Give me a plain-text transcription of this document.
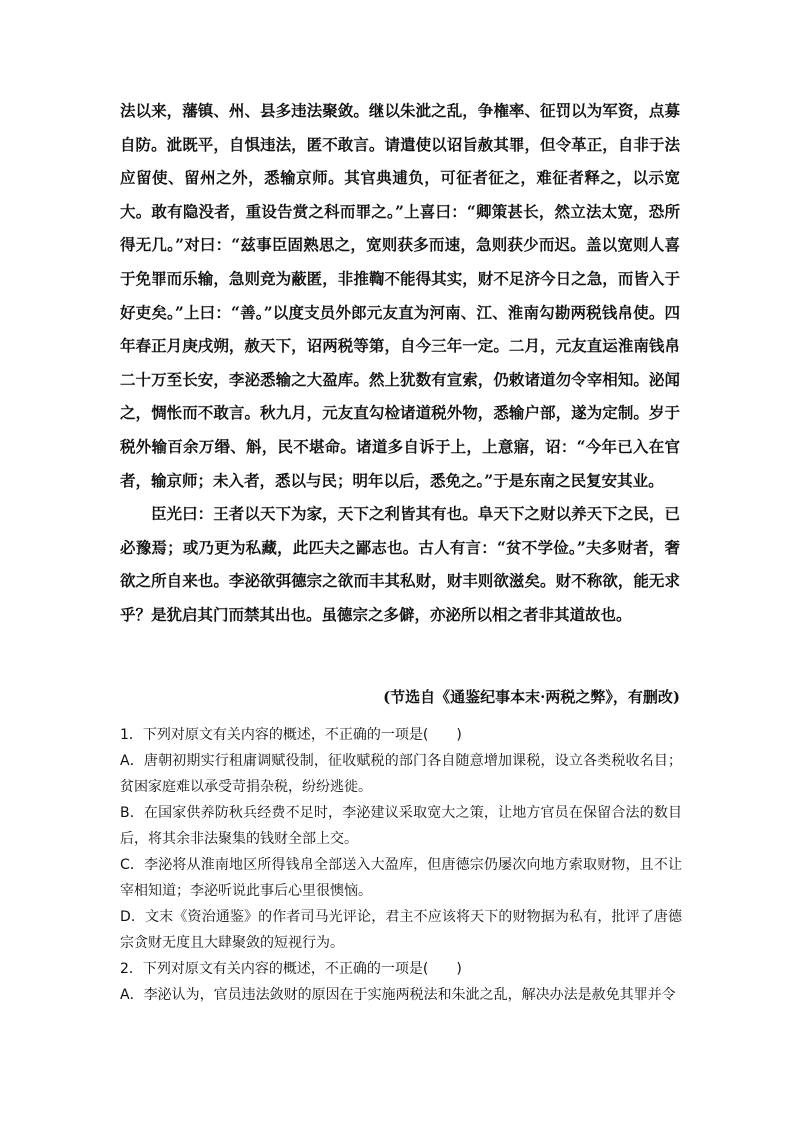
法以来，藩镇、州、县多违法聚敛。继以朱泚之乱，争権率、征罚以为军资，点募自防。泚既平，自惧违法，匿不敢言。请遣使以诏旨赦其罪，但令革正，自非于法应留使、留州之外，悉输京师。其官典逋负，可征者征之，难征者释之，以示宽大。敢有隐没者，重设告赏之科而罪之。”上喜曰：“卿策甚长，然立法太宽，恐所得无几。”对曰：“兹事臣固熟思之，宽则获多而速，急则获少而迟。盖以宽则人喜于免罪而乐输，急则竞为蔽匿，非推鞫不能得其实，财不足济今日之急，而皆入于好吏矣。”上曰：“善。”以度支员外郎元友直为河南、江、淮南勾勘两税钱帛使。四年春正月庚戌朔，赦天下，诏两税等第，自今三年一定。二月，元友直运淮南钱帛二十万至长安，李泌悉输之大盈库。然上犹数有宣索，仍敕诸道勿令宰相知。泌闻之，惆怅而不敢言。秋九月，元友直勾检诸道税外物，悉输户部，遂为定制。岁于税外输百余万缗、斛，民不堪命。诸道多自诉于上，上意寤，诏：“今年已入在官者，输京师；未入者，悉以与民；明年以后，悉免之。”于是东南之民复安其业。

臣光曰：王者以天下为家，天下之利皆其有也。阜天下之财以养天下之民，已必豫焉；或乃更为私藏，此匹夫之鄙志也。古人有言：“贫不学俭。”夫多财者，奢欲之所自来也。李泌欲弭德宗之欲而丰其私财，财丰则欲滋矣。财不称欲，能无求乎？是犹启其门而禁其出也。虽德宗之多僻，亦泌所以相之者非其道故也。

(节选自《通鉴纪事本末·两税之弊》，有删改)

1．下列对原文有关内容的概述，不正确的一项是(　　)

A．唐朝初期实行租庸调赋役制，征收赋税的部门各自随意增加课税，设立各类税收名目；贫困家庭难以承受苛捐杂税，纷纷逃徙。

B．在国家供养防秋兵经费不足时，李泌建议采取宽大之策，让地方官员在保留合法的数目后，将其余非法聚集的钱财全部上交。

C．李泌将从淮南地区所得钱帛全部送入大盈库，但唐德宗仍屡次向地方索取财物，且不让宰相知道；李泌听说此事后心里很懊恼。

D．文末《资治通鉴》的作者司马光评论，君主不应该将天下的财物据为私有，批评了唐德宗贪财无度且大肆聚敛的短视行为。

2．下列对原文有关内容的概述，不正确的一项是(　　)

A．李泌认为，官员违法敛财的原因在于实施两税法和朱泚之乱，解决办法是赦免其罪并令
